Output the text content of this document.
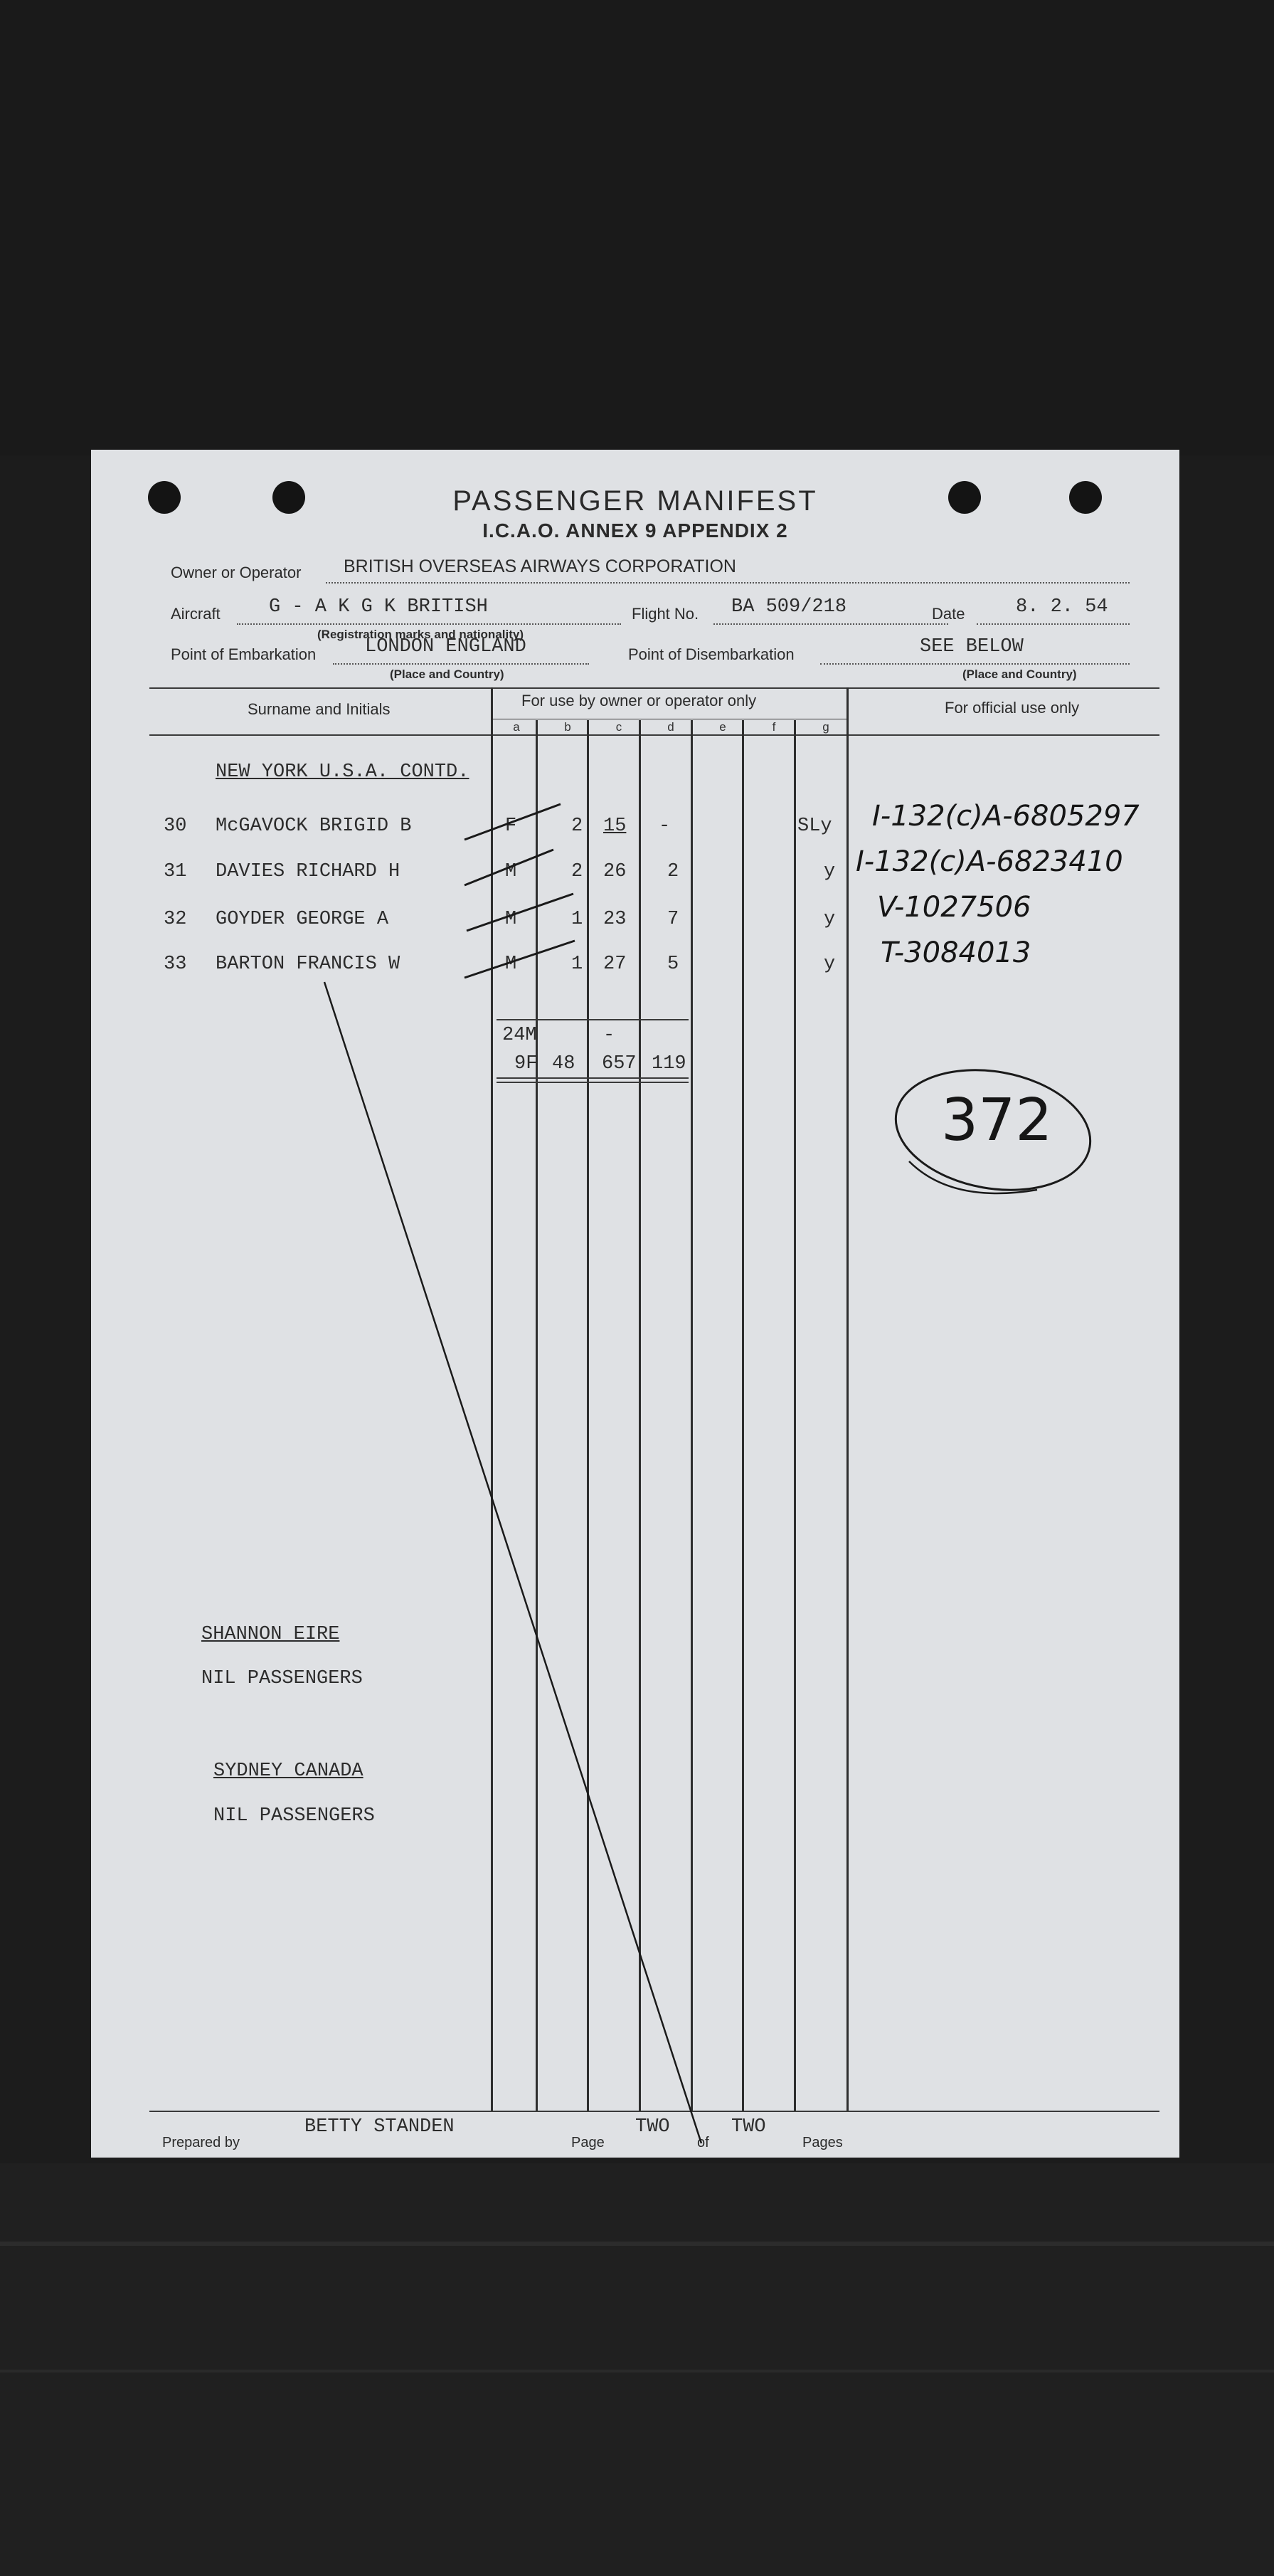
PASSENGER MANIFEST
I.C.A.O. ANNEX 9 APPENDIX 2
Owner or Operator BRITISH OVERSEAS AIRWAYS CORPORATION
Aircraft	G - A K G K BRITISH
(Registration marks and nationality)
Flight No. BA 509/218	Date	8. 2. 54
Point of Embarkation	LONDON ENGLAND
(Place and Country)
Point of Disembarkation	SEE BELOW
(Place and Country)
Surname and Initials	For use by owner or operator only	For official use only
a	b	c	d	e	f	g
NEW YORK U.S.A. CONTD.
30 McGAVOCK BRIGID B	F	2 15 -	SLy I-132(c)A-6805297
31 DAVIES RICHARD H	M	2 26 2	y I-132(c)A-6823410
32 GOYDER GEORGE A	M	1 23 7	y V-1027506
33 BARTON FRANCIS W	M	1 27 5	y T-3084013
24M	-
9F 48 657 119
372
SHANNON EIRE
NIL PASSENGERS
SYDNEY CANADA
NIL PASSENGERS
Prepared by
BETTY STANDEN
Page
TWO
of
TWO
Pages
